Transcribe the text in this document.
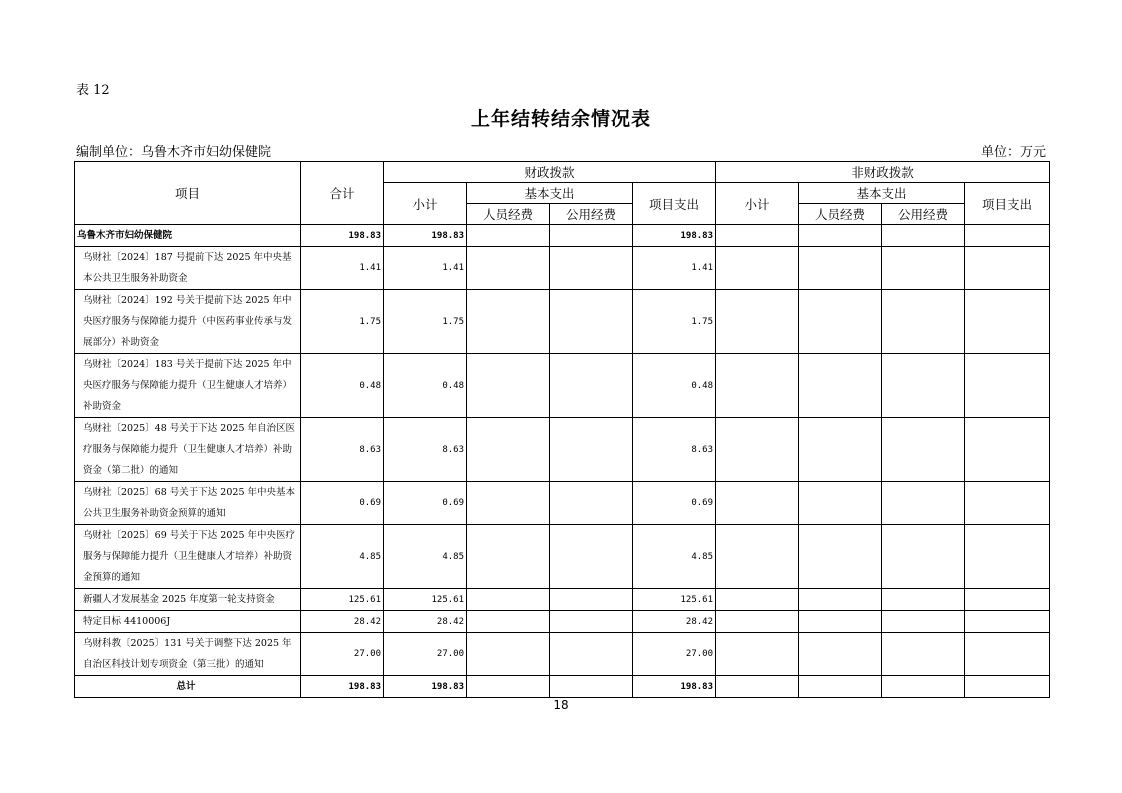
表 12
上年结转结余情况表
编制单位：乌鲁木齐市妇幼保健院	单位：万元
项目	合计	财政拨款				非财政拨款			
		小计	基本支出		项目支出	小计	基本支出		项目支出
			人员经费	公用经费			人员经费	公用经费	
乌鲁木齐市妇幼保健院	198.83	198.83			198.83				
乌财社〔2024〕187 号提前下达 2025 年中央基本公共卫生服务补助资金	1.41	1.41			1.41				
乌财社〔2024〕192 号关于提前下达 2025 年中央医疗服务与保障能力提升（中医药事业传承与发展部分）补助资金	1.75	1.75			1.75				
乌财社〔2024〕183 号关于提前下达 2025 年中央医疗服务与保障能力提升（卫生健康人才培养）补助资金	0.48	0.48			0.48				
乌财社〔2025〕48 号关于下达 2025 年自治区医疗服务与保障能力提升（卫生健康人才培养）补助资金（第二批）的通知	8.63	8.63			8.63				
乌财社〔2025〕68 号关于下达 2025 年中央基本公共卫生服务补助资金预算的通知	0.69	0.69			0.69				
乌财社〔2025〕69 号关于下达 2025 年中央医疗服务与保障能力提升（卫生健康人才培养）补助资金预算的通知	4.85	4.85			4.85				
新疆人才发展基金 2025 年度第一轮支持资金	125.61	125.61			125.61				
特定目标 4410006J	28.42	28.42			28.42				
乌财科教〔2025〕131 号关于调整下达 2025 年自治区科技计划专项资金（第三批）的通知	27.00	27.00			27.00				
总计	198.83	198.83			198.83				
18
